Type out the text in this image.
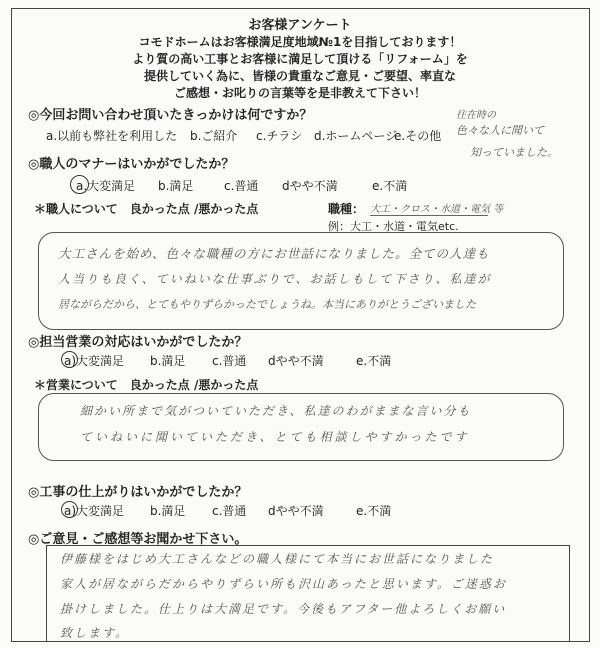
お客様アンケート
コモドホームはお客様満足度地域№1を目指しております！
より質の高い工事とお客様に満足して頂ける「リフォーム」を
提供していく為に、皆様の貴重なご意見・ご要望、率直な
ご感想・お叱りの言葉等を是非教えて下さい！
◎今回お問い合わせ頂いたきっかけは何ですか？
a.以前も弊社を利用した b.ご紹介 c.チラシ d.ホームページ
e.その他
往在時の
色々な人に聞いて
知っていました。
◎職人のマナーはいかがでしたか？
a.大変満足 b.満足	c.普通 dやや不満	e.不満
＊職人について　良かった点 /悪かった点	職種： 大工・クロス・水道・電気 等
例：大工・水道・電気etc.
大工さんを始め、色々な職種の方にお世話になりました。全ての人達も
人当りも良く、ていねいな仕事ぶりで、お話しもして下さり、私達が
居ながらだから、とてもやりずらかったでしょうね。本当にありがとうございました
◎担当営業の対応はいかがでしたか？
a)大変満足 b.満足 c.普通 dやや不満	e.不満
＊営業について　良かった点 /悪かった点
細かい所まで気がついていただき、私達のわがままな言い分も
ていねいに聞いていただき、とても相談しやすかったです
◎工事の仕上がりはいかがでしたか？
a)大変満足 b.満足 c.普通 dやや不満	e.不満
◎ご意見・ご感想等お聞かせ下さい。
伊藤様をはじめ大工さんなどの職人様にて本当にお世話になりました
家人が居ながらだからやりずらい所も沢山あったと思います。ご迷惑お
掛けしました。仕上りは大満足です。今後もアフター他よろしくお願い
致します。
